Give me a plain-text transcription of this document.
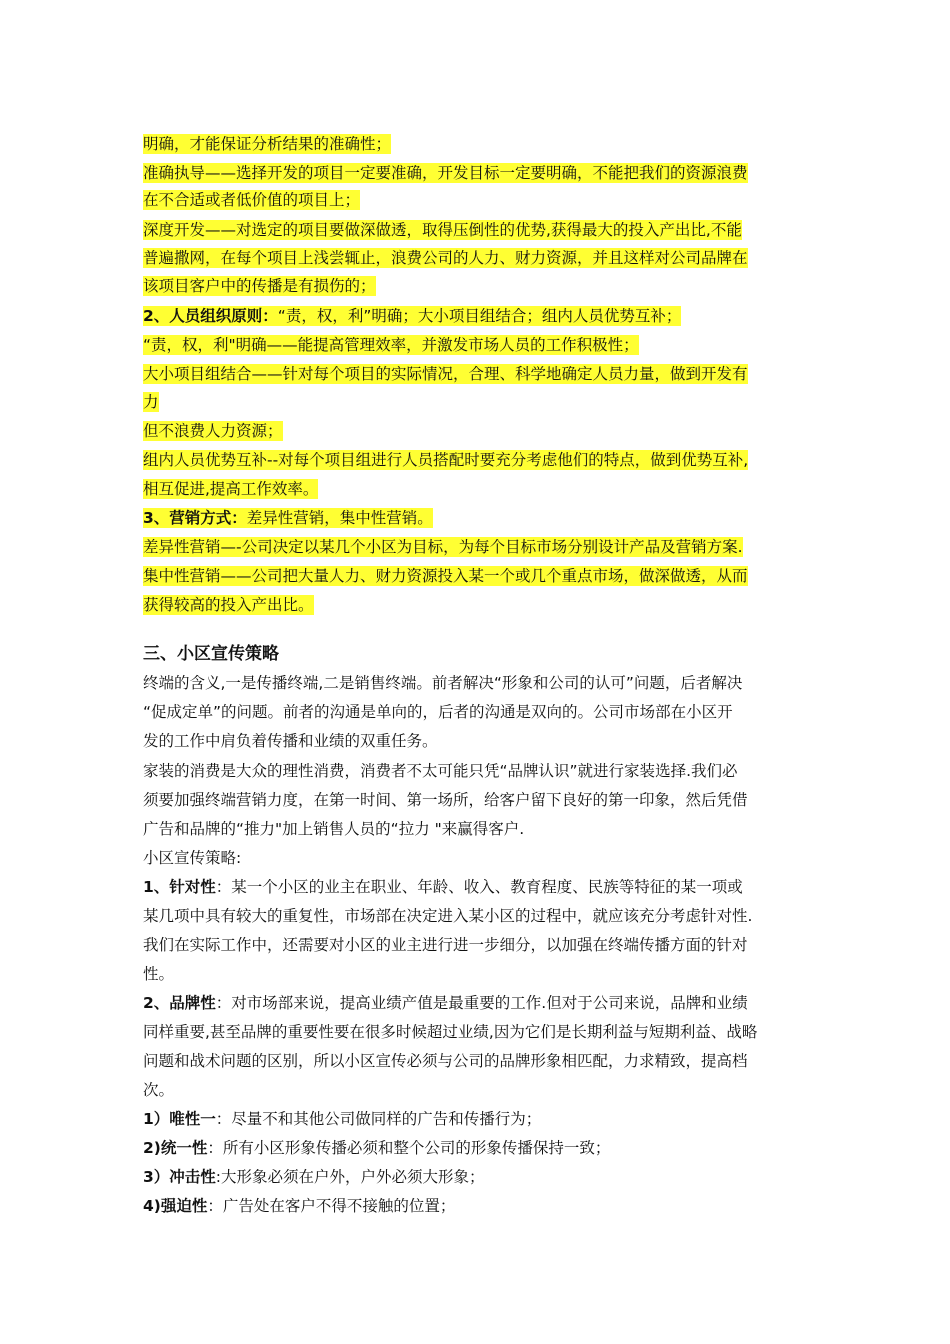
明确，才能保证分析结果的准确性；
准确执导——选择开发的项目一定要准确，开发目标一定要明确，不能把我们的资源浪费
在不合适或者低价值的项目上；
深度开发——对选定的项目要做深做透，取得压倒性的优势,获得最大的投入产出比,不能
普遍撒网，在每个项目上浅尝辄止，浪费公司的人力、财力资源，并且这样对公司品牌在
该项目客户中的传播是有损伤的；
2、人员组织原则：“责，权，利”明确；大小项目组结合；组内人员优势互补；
“责，权，利"明确——能提高管理效率，并激发市场人员的工作积极性；
大小项目组结合——针对每个项目的实际情况，合理、科学地确定人员力量，做到开发有
力
但不浪费人力资源；
组内人员优势互补--对每个项目组进行人员搭配时要充分考虑他们的特点，做到优势互补,
相互促进,提高工作效率。
3、营销方式：差异性营销，集中性营销。
差异性营销—-公司决定以某几个小区为目标，为每个目标市场分别设计产品及营销方案.
集中性营销——公司把大量人力、财力资源投入某一个或几个重点市场，做深做透，从而
获得较高的投入产出比。
三、小区宣传策略
终端的含义,一是传播终端,二是销售终端。前者解决“形象和公司的认可”问题，后者解决
“促成定单”的问题。前者的沟通是单向的，后者的沟通是双向的。公司市场部在小区开
发的工作中肩负着传播和业绩的双重任务。
家装的消费是大众的理性消费，消费者不太可能只凭“品牌认识”就进行家装选择.我们必
须要加强终端营销力度，在第一时间、第一场所，给客户留下良好的第一印象，然后凭借
广告和品牌的“推力"加上销售人员的“拉力 "来赢得客户.
小区宣传策略:
1、针对性：某一个小区的业主在职业、年龄、收入、教育程度、民族等特征的某一项或
某几项中具有较大的重复性，市场部在决定进入某小区的过程中，就应该充分考虑针对性.
我们在实际工作中，还需要对小区的业主进行进一步细分，以加强在终端传播方面的针对
性。
2、品牌性：对市场部来说，提高业绩产值是最重要的工作.但对于公司来说，品牌和业绩
同样重要,甚至品牌的重要性要在很多时候超过业绩,因为它们是长期利益与短期利益、战略
问题和战术问题的区别，所以小区宣传必须与公司的品牌形象相匹配，力求精致，提高档
次。
1）唯性一：尽量不和其他公司做同样的广告和传播行为；
2)统一性：所有小区形象传播必须和整个公司的形象传播保持一致；
3）冲击性:大形象必须在户外，户外必须大形象；
4)强迫性：广告处在客户不得不接触的位置；
